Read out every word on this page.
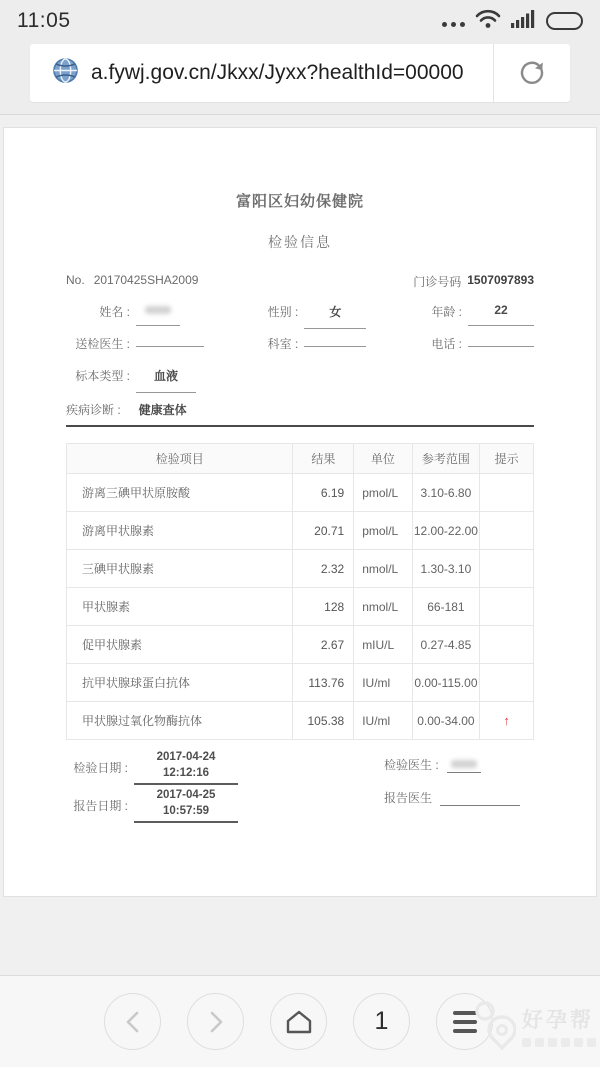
11:05
a.fywj.gov.cn/Jkxx/Jyxx?healthId=00000
富阳区妇幼保健院
检验信息
No. 20170425SHA2009	门诊号码 1507097893
姓名 :	性别 :	女	年龄 :	22
送检医生 :	科室 :	电话 :
标本类型 :	血液
疾病诊断 :	健康查体
检验项目	结果	单位	参考范围	提示
游离三碘甲状原胺酸	6.19	pmol/L	3.10-6.80	
游离甲状腺素	20.71	pmol/L	12.00-22.00	
三碘甲状腺素	2.32	nmol/L	1.30-3.10	
甲状腺素	128	nmol/L	66-181	
促甲状腺素	2.67	mIU/L	0.27-4.85	
抗甲状腺球蛋白抗体	113.76	IU/ml	0.00-115.00	
甲状腺过氧化物酶抗体	105.38	IU/ml	0.00-34.00	↑
检验日期 :
2017-04-24
12:12:16
报告日期 :
2017-04-25
10:57:59
检验医生 :
报告医生
1	好孕帮
